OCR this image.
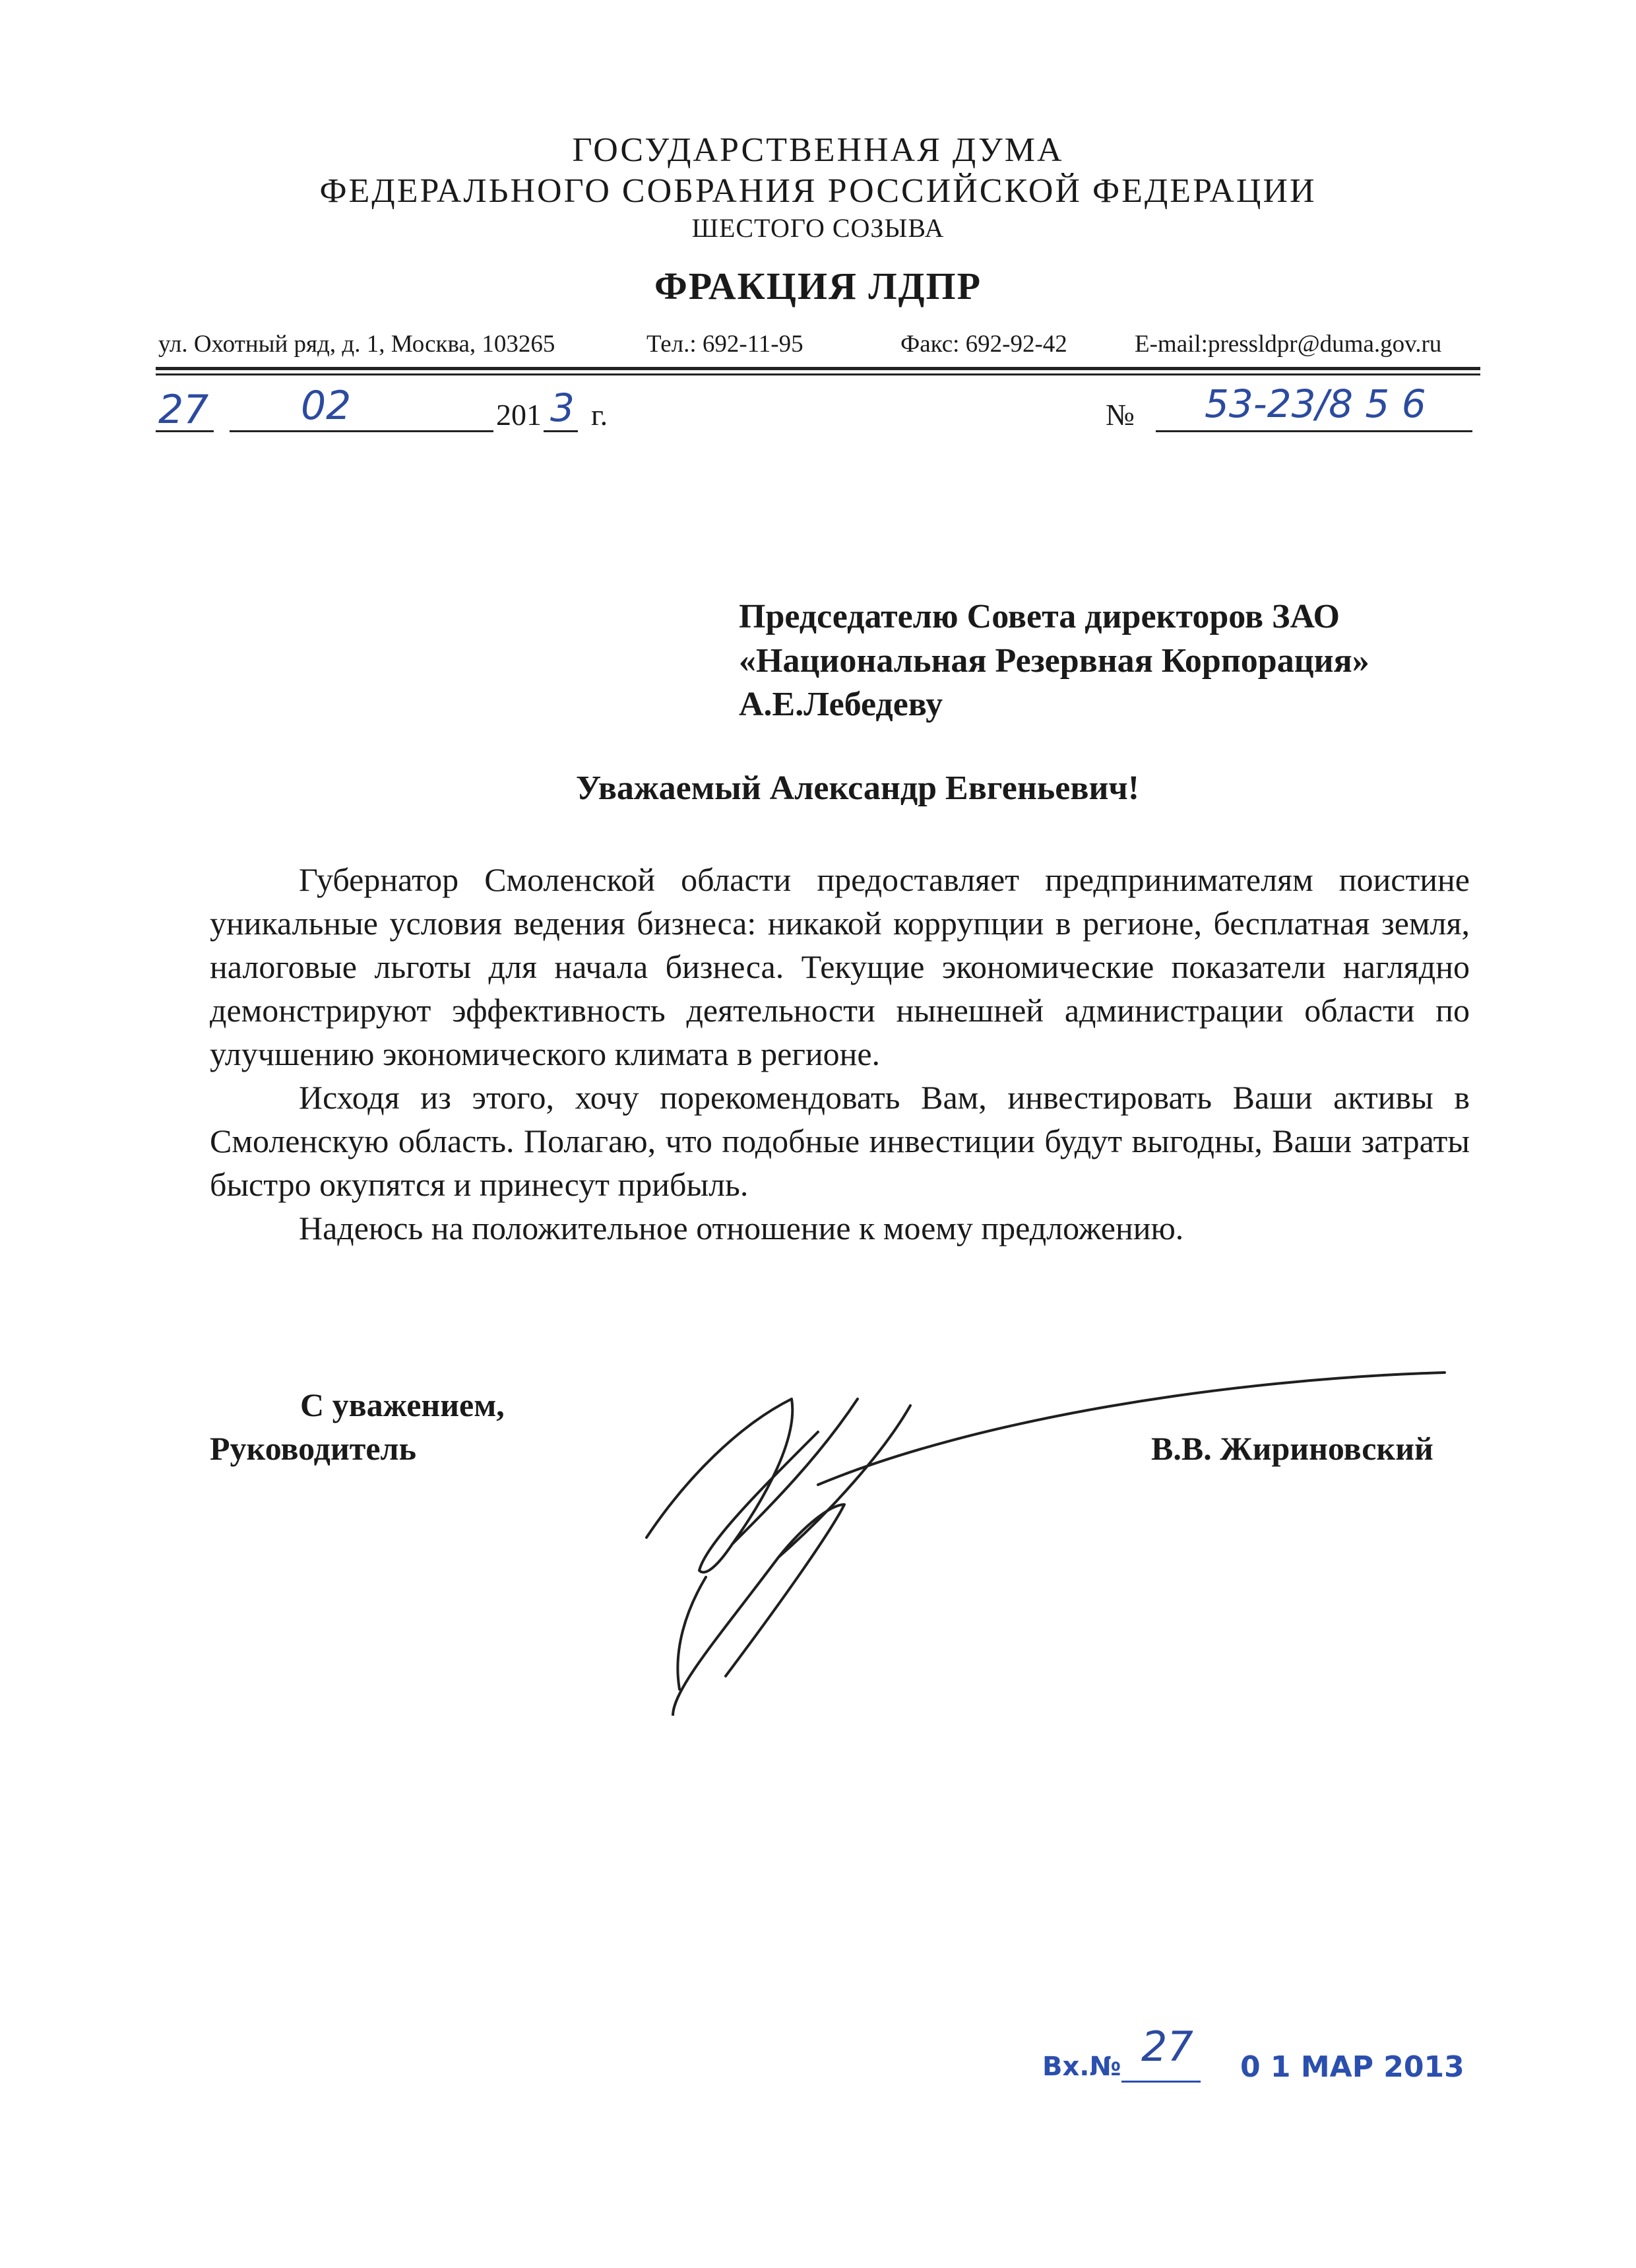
ГОСУДАРСТВЕННАЯ ДУМА
ФЕДЕРАЛЬНОГО СОБРАНИЯ РОССИЙСКОЙ ФЕДЕРАЦИИ
ШЕСТОГО СОЗЫВА
ФРАКЦИЯ ЛДПР
ул. Охотный ряд, д. 1, Москва, 103265	Тел.: 692-11-95	Факс: 692-92-42	E-mail:pressldpr@duma.gov.ru
27 02	201 3 г.	№ 53-23/8 5 6
Председателю Совета директоров ЗАО
«Национальная Резервная Корпорация»
А.Е.Лебедеву
Уважаемый Александр Евгеньевич!

Губернатор Смоленской области предоставляет предпринимателям поистине уникальные условия ведения бизнеса: никакой коррупции в регионе, бесплатная земля, налоговые льготы для начала бизнеса. Текущие экономические показатели наглядно демонстрируют эффективность деятельности нынешней администрации области по улучшению экономического климата в регионе.

Исходя из этого, хочу порекомендовать Вам, инвестировать Ваши активы в Смоленскую область. Полагаю, что подобные инвестиции будут выгодны, Ваши затраты быстро окупятся и принесут прибыль.

Надеюсь на положительное отношение к моему предложению.

С уважением,
Руководитель	В.В. Жириновский
Вх.№ 27 0 1 МАР 2013
